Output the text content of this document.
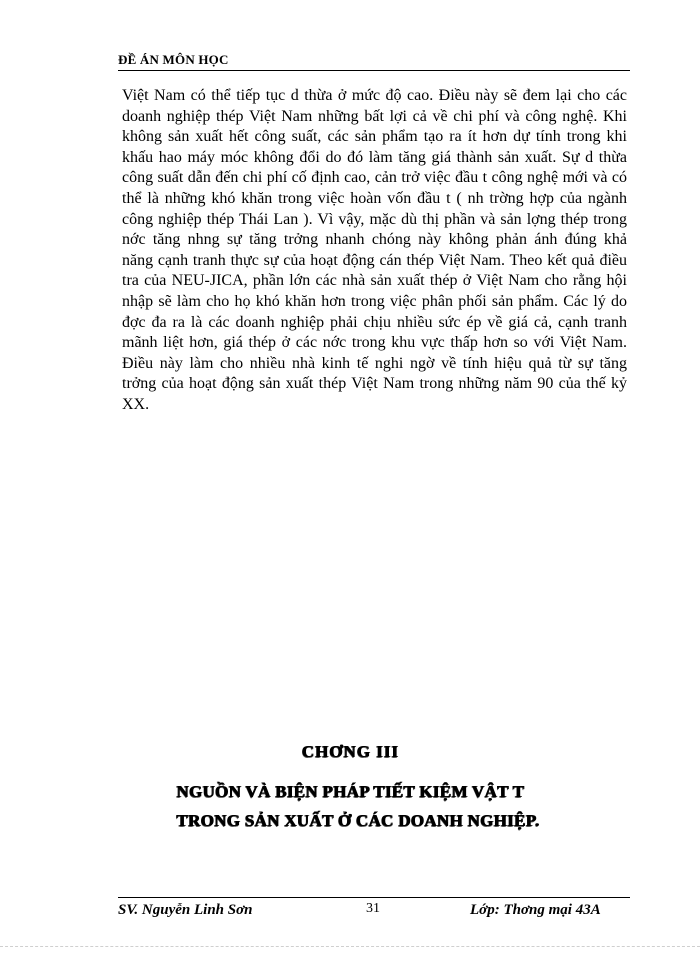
ĐỀ ÁN MÔN HỌC
Việt Nam có thể tiếp tục d thừa ở mức độ cao. Điều này sẽ đem lại cho các
doanh nghiệp thép Việt Nam những bất lợi cả về chi phí và công nghệ. Khi
không sản xuất hết công suất, các sản phẩm tạo ra ít hơn dự tính trong khi
khấu hao máy móc không đổi do đó làm tăng giá thành sản xuất. Sự d thừa
công suất dẫn đến chi phí cố định cao, cản trở việc đầu t công nghệ mới và có
thể là những khó khăn trong việc hoàn vốn đầu t ( nh trờng hợp của ngành
công nghiệp thép Thái Lan ). Vì vậy, mặc dù thị phần và sản lợng thép trong
nớc tăng nhng sự tăng trởng nhanh chóng này không phản ánh đúng khả
năng cạnh tranh thực sự của hoạt động cán thép Việt Nam. Theo kết quả điều
tra của NEU-JICA, phần lớn các nhà sản xuất thép ở Việt Nam cho rằng hội
nhập sẽ làm cho họ khó khăn hơn trong việc phân phối sản phẩm. Các lý do
đợc đa ra là các doanh nghiệp phải chịu nhiều sức ép về giá cả, cạnh tranh
mãnh liệt hơn, giá thép ở các nớc trong khu vực thấp hơn so với Việt Nam.
Điều này làm cho nhiều nhà kinh tế nghi ngờ về tính hiệu quả từ sự tăng
trởng của hoạt động sản xuất thép Việt Nam trong những năm 90 của thế kỷ
XX.
CHƠNG III
NGUỒN VÀ BIỆN PHÁP TIẾT KIỆM VẬT T
TRONG SẢN XUẤT Ở CÁC DOANH NGHIỆP.
SV. Nguyễn Linh Sơn	31	Lớp: Thơng mại 43A
